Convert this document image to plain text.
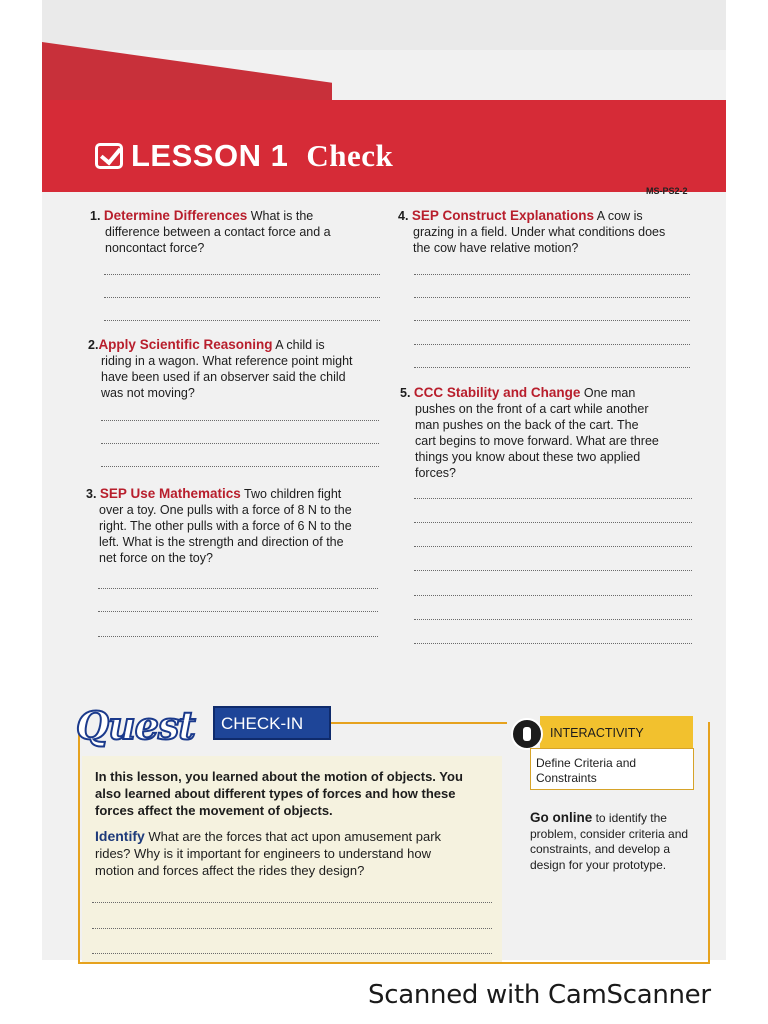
LESSON 1 Check
MS-PS2-2
1. Determine Differences What is the
difference between a contact force and a
noncontact force?
2.Apply Scientific Reasoning A child is
riding in a wagon. What reference point might
have been used if an observer said the child
was not moving?
3. SEP Use Mathematics Two children fight
over a toy. One pulls with a force of 8 N to the
right. The other pulls with a force of 6 N to the
left. What is the strength and direction of the
net force on the toy?
4. SEP Construct Explanations A cow is
grazing in a field. Under what conditions does
the cow have relative motion?
5. CCC Stability and Change One man
pushes on the front of a cart while another
man pushes on the back of the cart. The
cart begins to move forward. What are three
things you know about these two applied
forces?
Quest CHECK-IN
In this lesson, you learned about the motion of objects. You
also learned about different types of forces and how these
forces affect the movement of objects.
Identify What are the forces that act upon amusement park
rides? Why is it important for engineers to understand how
motion and forces affect the rides they design?
INTERACTIVITY
Define Criteria and
Constraints
Go online to identify the
problem, consider criteria and
constraints, and develop a
design for your prototype.
Scanned with CamScanner
